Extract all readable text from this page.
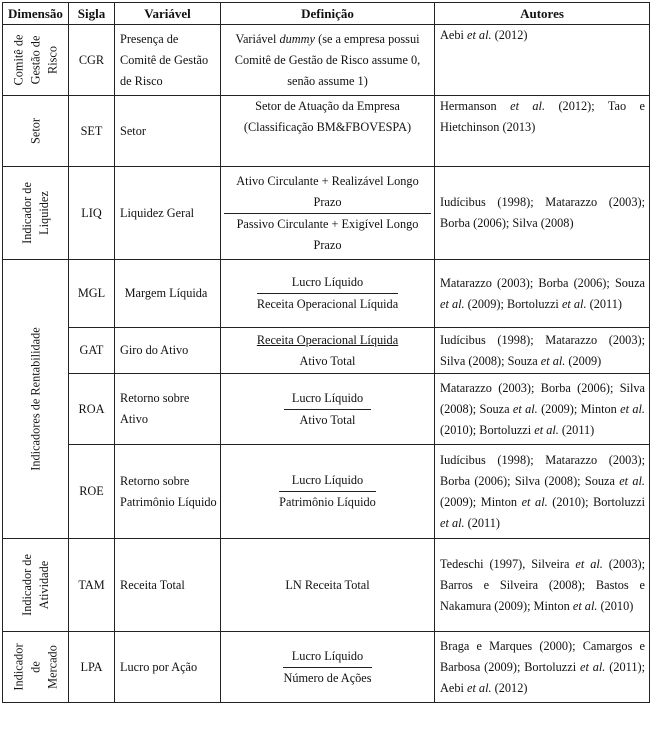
Dimensão	Sigla	Variável	Definição	Autores

Comitê de
Gestão de
Risco	CGR	Presença de Comitê de Gestão de Risco	Variável dummy (se a empresa possui Comitê de Gestão de Risco assume 0, senão assume 1)	Aebi et al. (2012)

Setor	SET	Setor	Setor de Atuação da Empresa (Classificação BM&FBOVESPA)	Hermanson et al. (2012); Tao e Hietchinson (2013)

Indicador de
Liquidez	LIQ	Liquidez Geral	$\frac{\text{Ativo Circulante + Realizável Longo Prazo}}{\text{Passivo Circulante + Exigível Longo Prazo}}$	Iudícibus (1998); Matarazzo (2003); Borba (2006); Silva (2008)

Indicadores de Rentabilidade	MGL	Margem Líquida	$\frac{\text{Lucro Líquido}}{\text{Receita Operacional Líquida}}$	Matarazzo (2003); Borba (2006); Souza et al. (2009); Bortoluzzi et al. (2011)
	GAT	Giro do Ativo	$\frac{\text{Receita Operacional Líquida}}{\text{Ativo Total}}$	Iudícibus (1998); Matarazzo (2003); Silva (2008); Souza et al. (2009)
	ROA	Retorno sobre Ativo	$\frac{\text{Lucro Líquido}}{\text{Ativo Total}}$	Matarazzo (2003); Borba (2006); Silva (2008); Souza et al. (2009); Minton et al. (2010); Bortoluzzi et al. (2011)
	ROE	Retorno sobre Patrimônio Líquido	$\frac{\text{Lucro Líquido}}{\text{Patrimônio Líquido}}$	Iudícibus (1998); Matarazzo (2003); Borba (2006); Silva (2008); Souza et al. (2009); Minton et al. (2010); Bortoluzzi et al. (2011)

Indicador de
Atividade	TAM	Receita Total	LN Receita Total	Tedeschi (1997), Silveira et al. (2003); Barros e Silveira (2008); Bastos e Nakamura (2009); Minton et al. (2010)

Indicador
de
Mercado	LPA	Lucro por Ação	$\frac{\text{Lucro Líquido}}{\text{Número de Ações}}$	Braga e Marques (2000); Camargos e Barbosa (2009); Bortoluzzi et al. (2011); Aebi et al. (2012)
